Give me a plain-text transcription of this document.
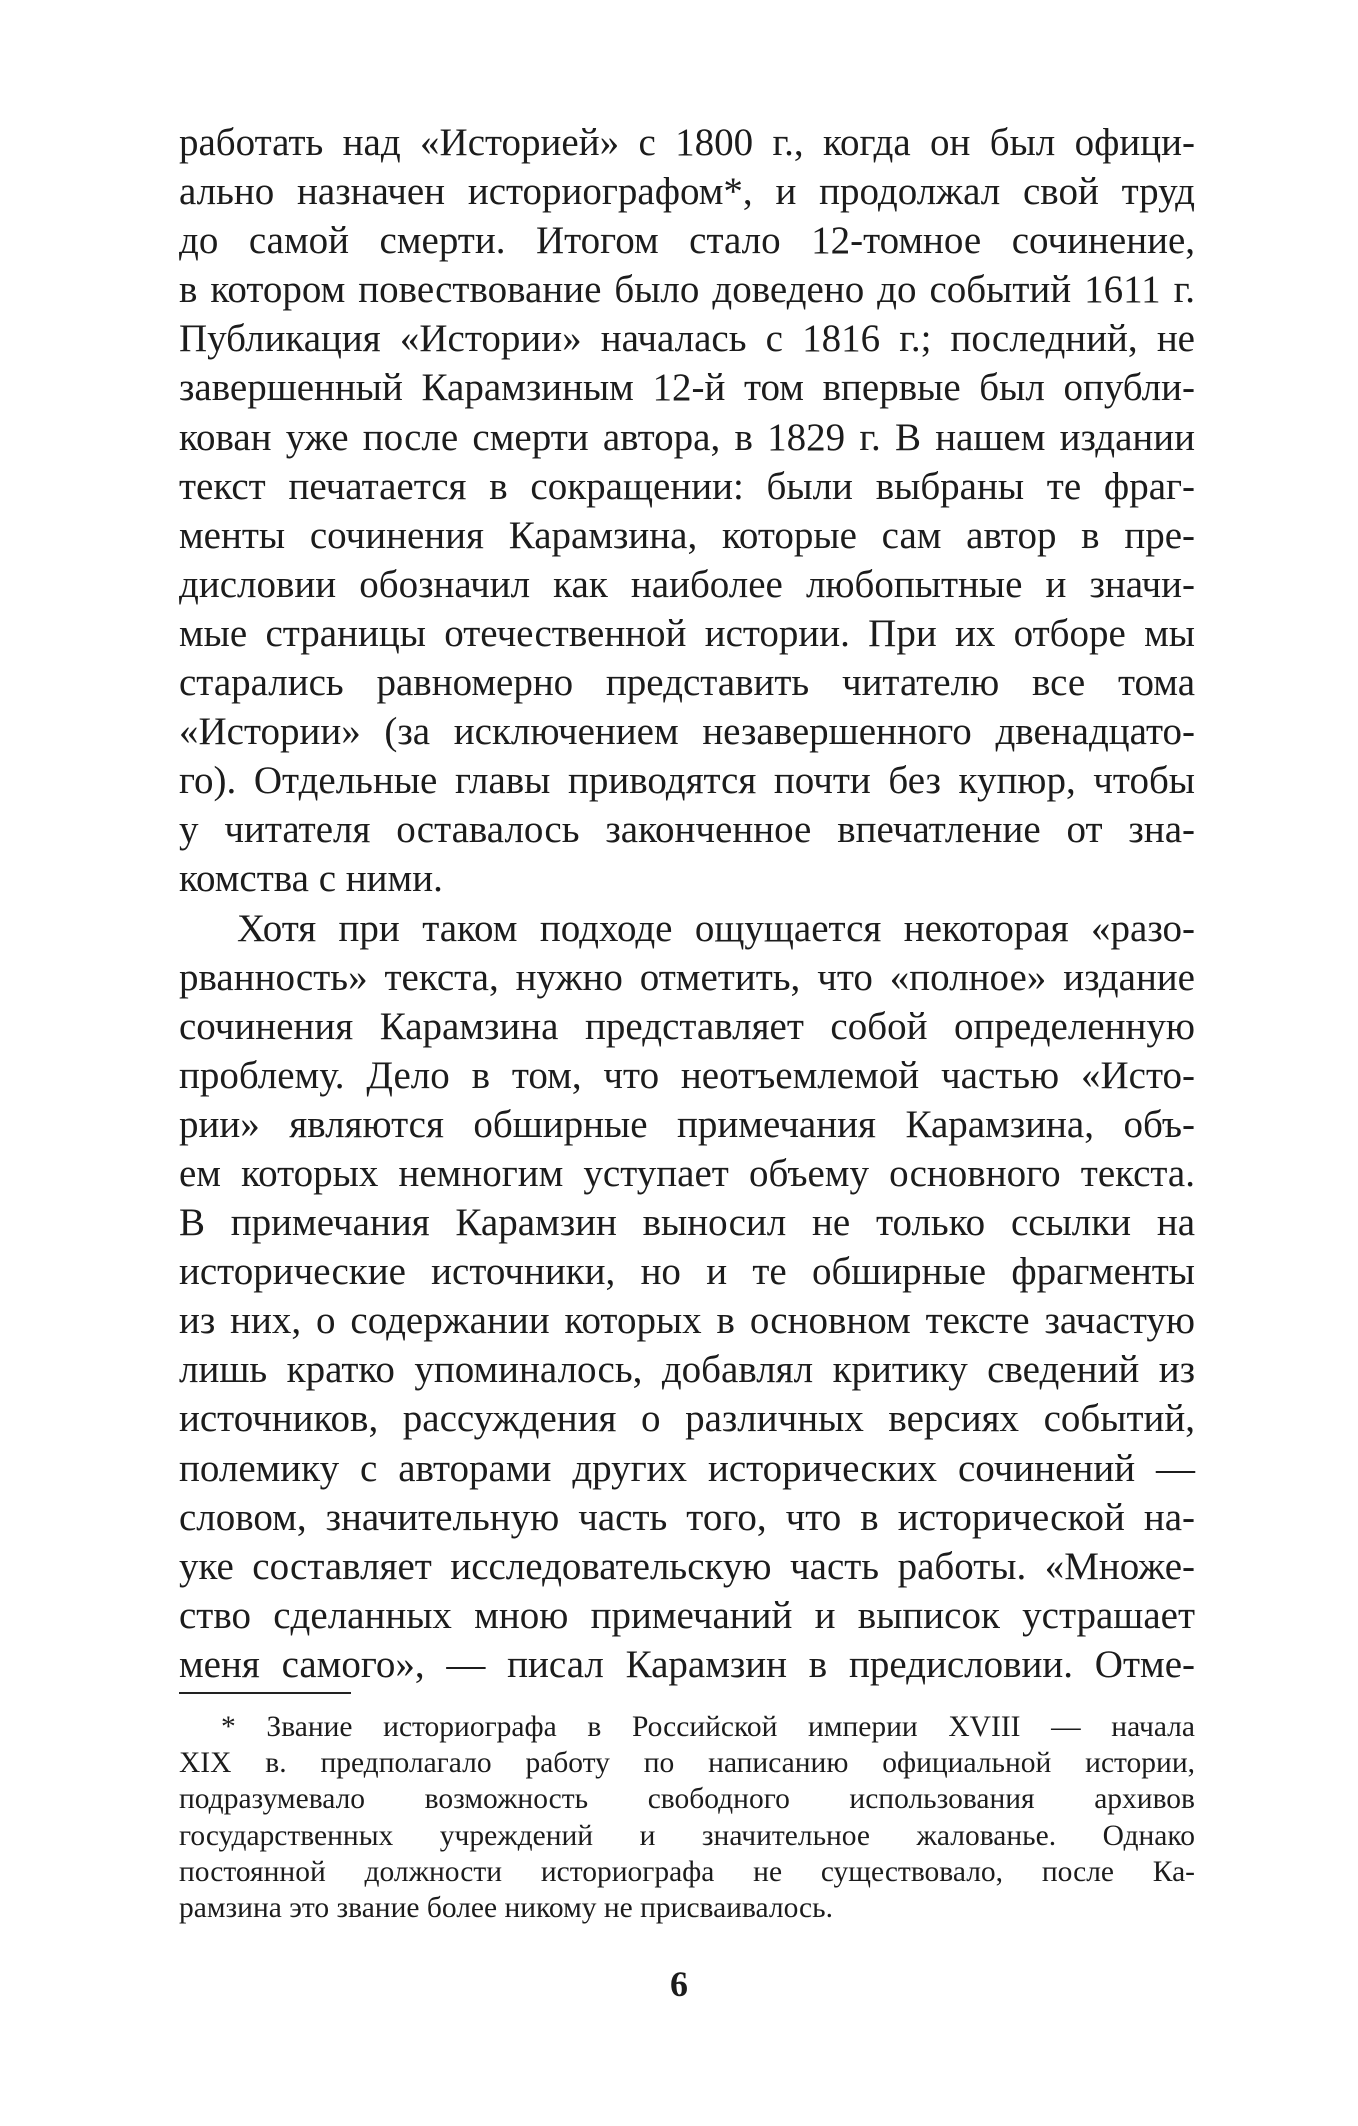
работать над «Историей» с 1800 г., когда он был офици-
ально назначен историографом*, и продолжал свой труд
до самой смерти. Итогом стало 12-томное сочинение,
в котором повествование было доведено до событий 1611 г.
Публикация «Истории» началась с 1816 г.; последний, не
завершенный Карамзиным 12-й том впервые был опубли-
кован уже после смерти автора, в 1829 г. В нашем издании
текст печатается в сокращении: были выбраны те фраг-
менты сочинения Карамзина, которые сам автор в пре-
дисловии обозначил как наиболее любопытные и значи-
мые страницы отечественной истории. При их отборе мы
старались равномерно представить читателю все тома
«Истории» (за исключением незавершенного двенадцато-
го). Отдельные главы приводятся почти без купюр, чтобы
у читателя оставалось законченное впечатление от зна-
комства с ними.
Хотя при таком подходе ощущается некоторая «разо-
рванность» текста, нужно отметить, что «полное» издание
сочинения Карамзина представляет собой определенную
проблему. Дело в том, что неотъемлемой частью «Исто-
рии» являются обширные примечания Карамзина, объ-
ем которых немногим уступает объему основного текста.
В примечания Карамзин выносил не только ссылки на
исторические источники, но и те обширные фрагменты
из них, о содержании которых в основном тексте зачастую
лишь кратко упоминалось, добавлял критику сведений из
источников, рассуждения о различных версиях событий,
полемику с авторами других исторических сочинений —
словом, значительную часть того, что в исторической на-
уке составляет исследовательскую часть работы. «Множе-
ство сделанных мною примечаний и выписок устрашает
меня самого», — писал Карамзин в предисловии. Отме-
* Звание историографа в Российской империи XVIII — начала
XIX в. предполагало работу по написанию официальной истории,
подразумевало возможность свободного использования архивов
государственных учреждений и значительное жалованье. Однако
постоянной должности историографа не существовало, после Ка-
рамзина это звание более никому не присваивалось.
6
